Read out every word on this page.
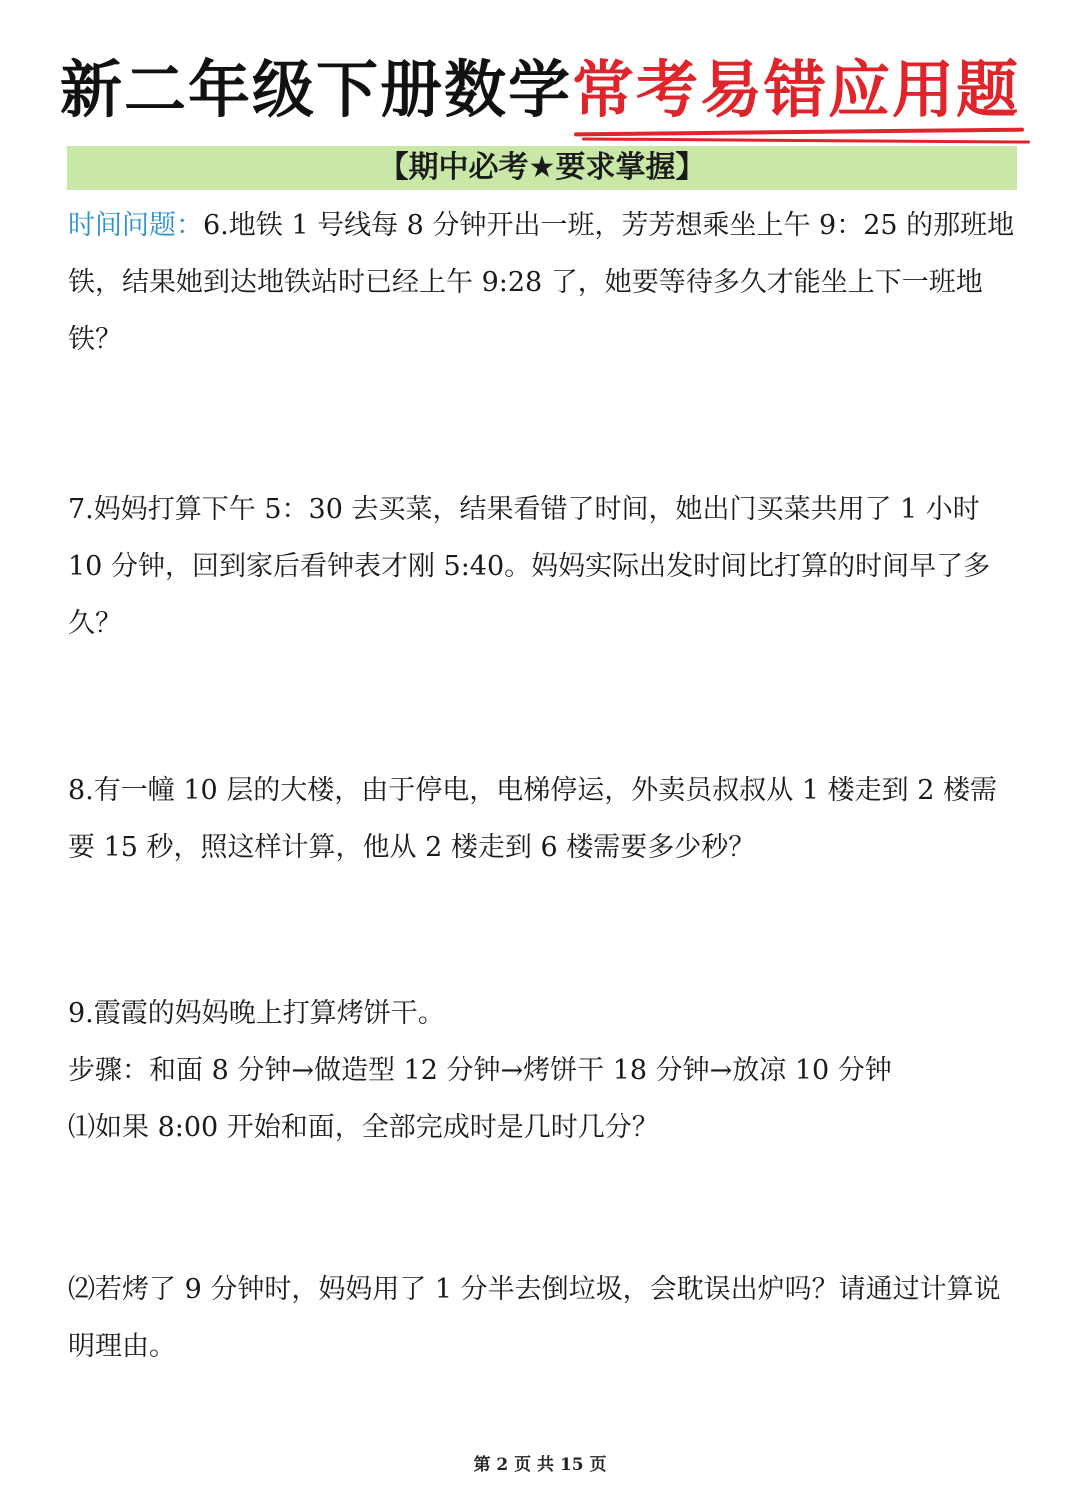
新二年级下册数学常考易错应用题
【期中必考★要求掌握】
时间问题：6.地铁 1 号线每 8 分钟开出一班，芳芳想乘坐上午 9：25 的那班地铁，结果她到达地铁站时已经上午 9:28 了，她要等待多久才能坐上下一班地铁？
7.妈妈打算下午 5：30 去买菜，结果看错了时间，她出门买菜共用了 1 小时 10 分钟，回到家后看钟表才刚 5:40。妈妈实际出发时间比打算的时间早了多久？
8.有一幢 10 层的大楼，由于停电，电梯停运，外卖员叔叔从 1 楼走到 2 楼需要 15 秒，照这样计算，他从 2 楼走到 6 楼需要多少秒？

9.霞霞的妈妈晚上打算烤饼干。

步骤：和面 8 分钟→做造型 12 分钟→烤饼干 18 分钟→放凉 10 分钟

⑴如果 8:00 开始和面，全部完成时是几时几分？

⑵若烤了 9 分钟时，妈妈用了 1 分半去倒垃圾，会耽误出炉吗？请通过计算说明理由。
第 2 页 共 15 页
